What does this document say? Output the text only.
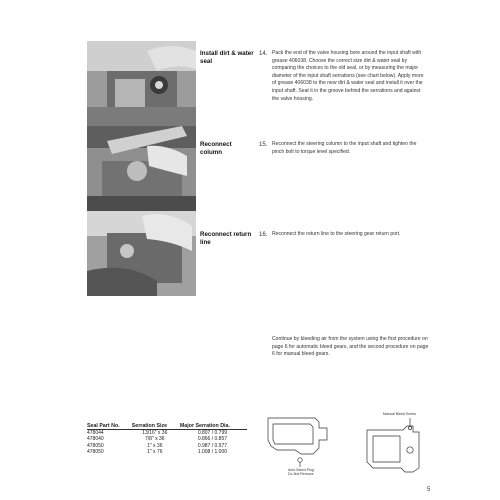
Install dirt & water seal
14. Pack the end of the valve housing bore around the input shaft with grease 406038. Choose the correct size dirt & water seal by comparing the choices to the old seal, or by measuring the major diameter of the input shaft serrations (see chart below). Apply more of grease 406038 to the new dirt & water seal and install it over the input shaft. Seat it in the groove behind the serrations and against the valve housing.
Reconnect column
15. Reconnect the steering column to the input shaft and tighten the pinch bolt to torque level specified.
Reconnect return line
16. Reconnect the return line to the steering gear return port.
Continue by bleeding air from the system using the first procedure on page 6 for automatic bleed gears, and the second procedure on page 6 for manual bleed gears.
Seal Part No.	Serration Size	Major Serration Dia.
478044	13/16" x 36	0.807 / 0.799
478040	7/8" x 36	0.866 / 0.857
478050	1" x 36	0.987 / 0.977
478050	1" x 76	1.008 / 1.000
Manual Bleed Screw
Auto Bleed Plug
Do Not Remove
5
